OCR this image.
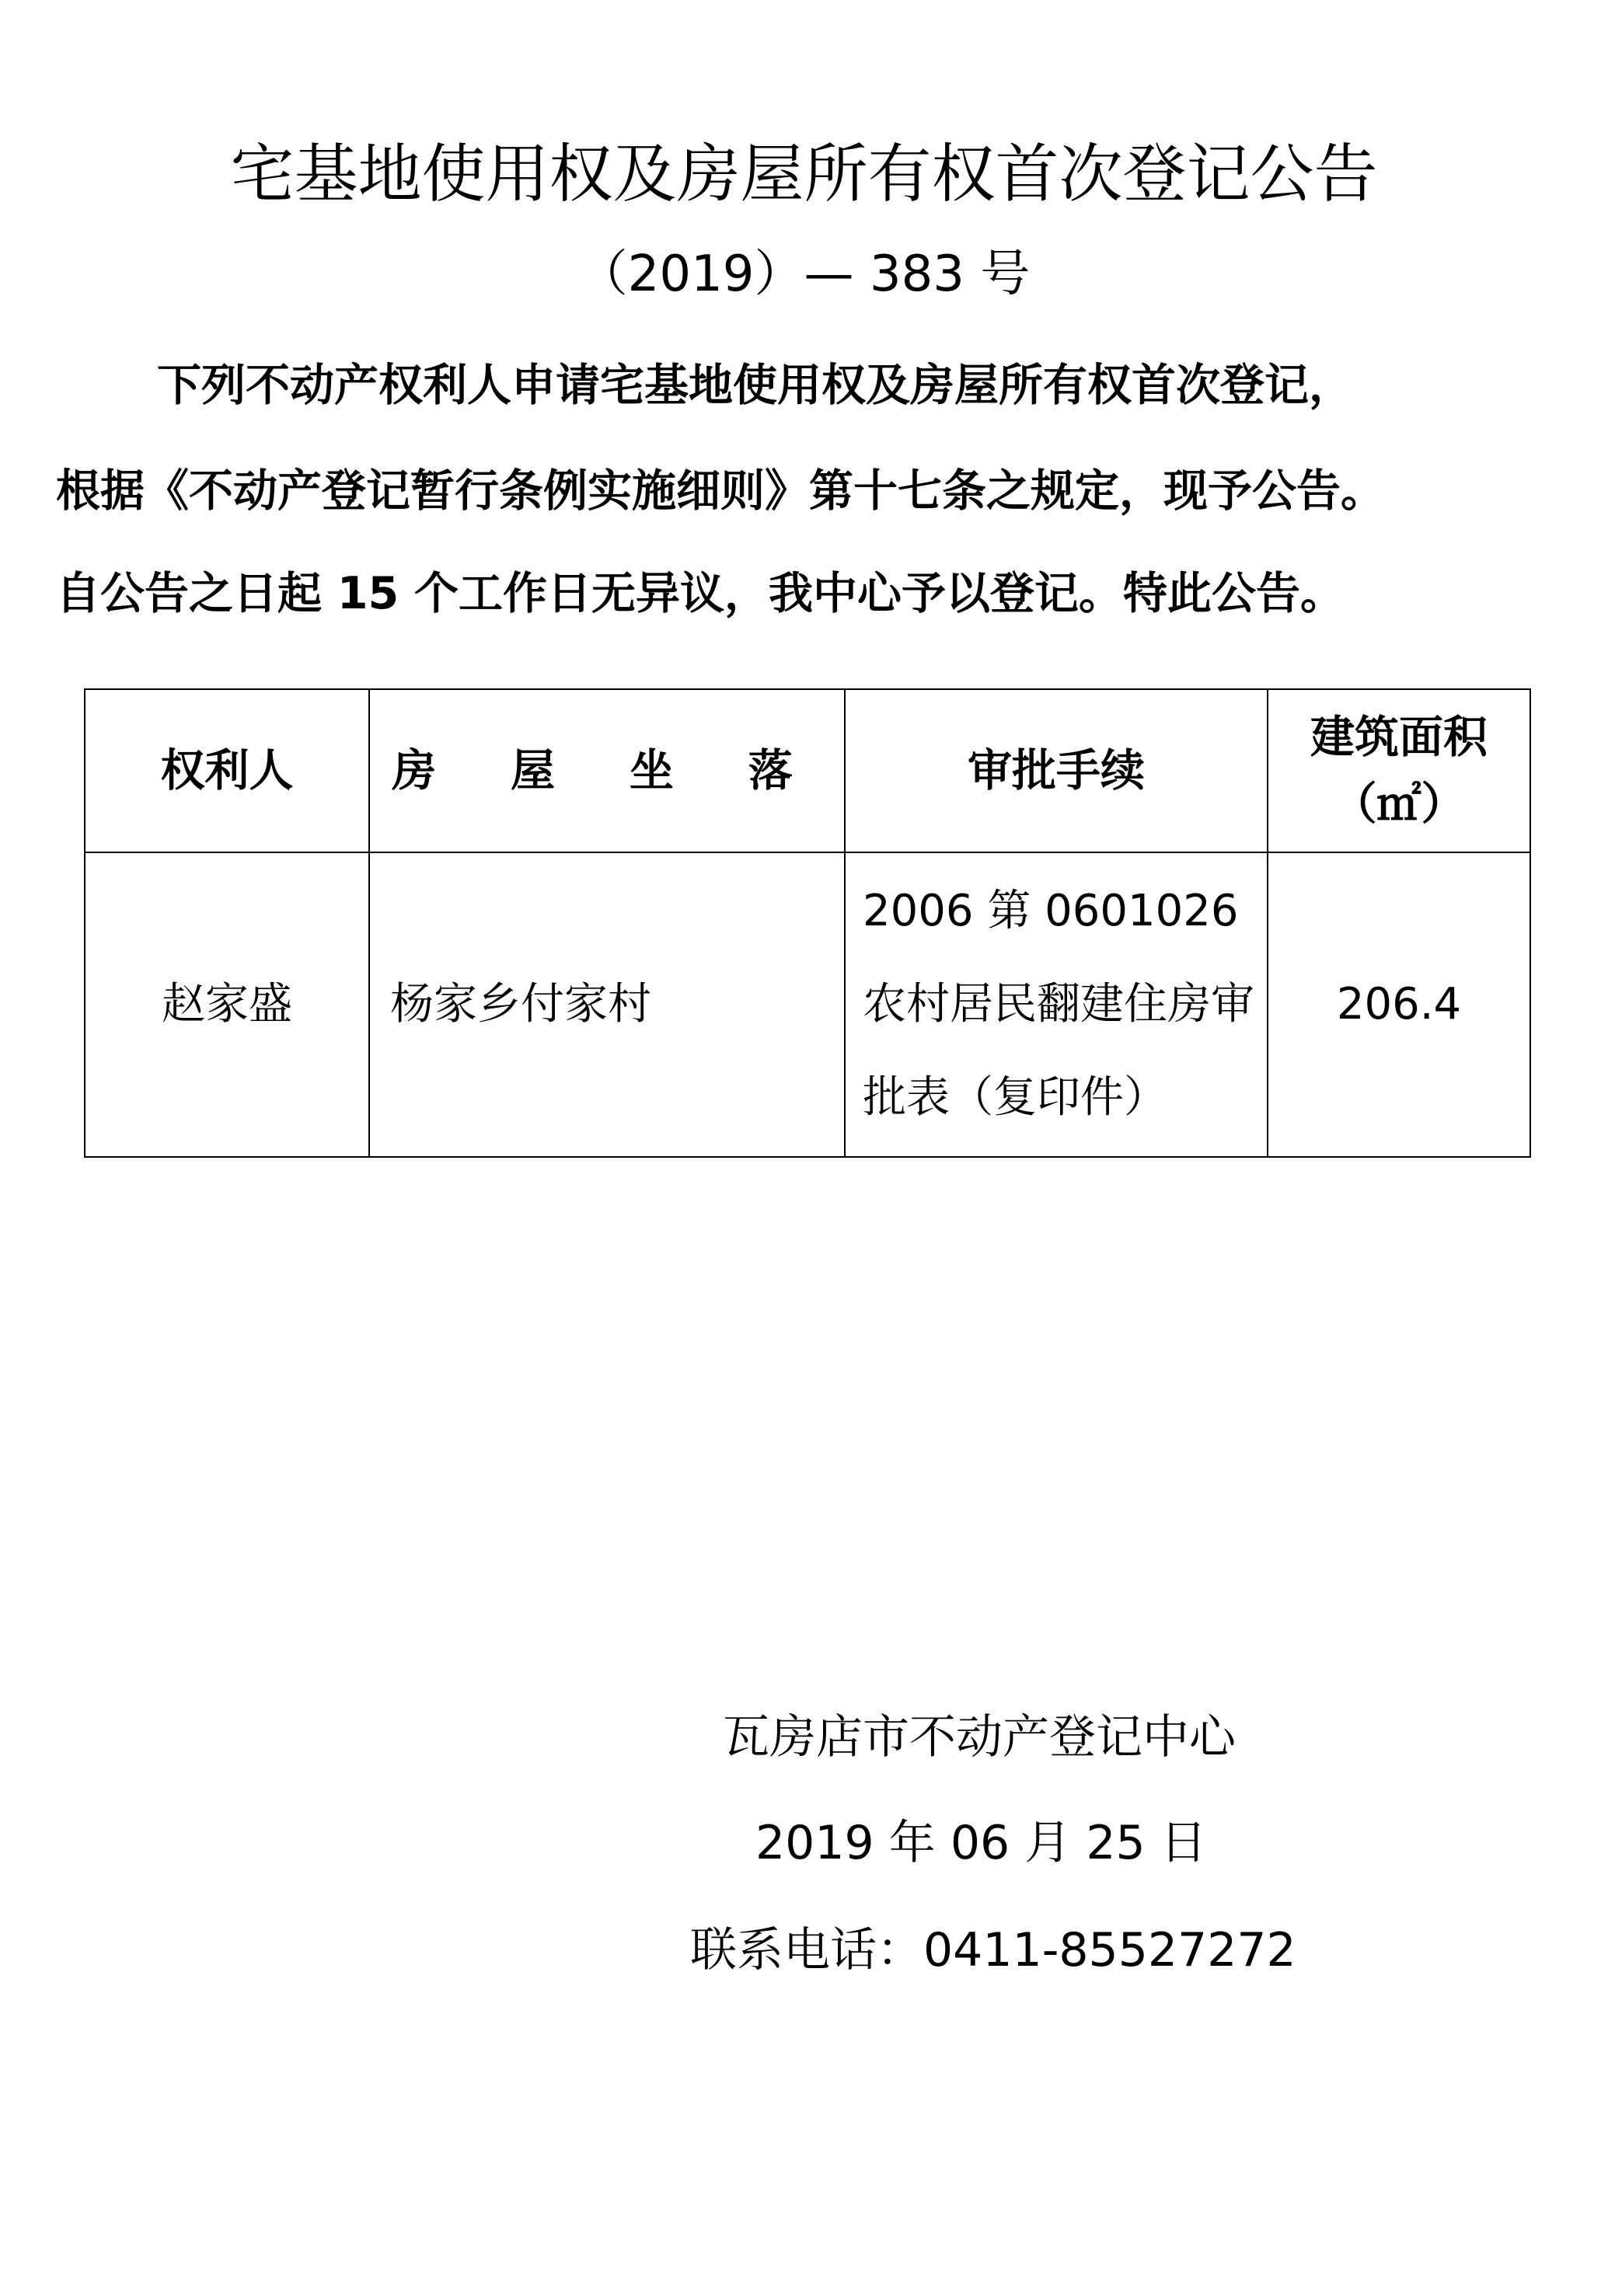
宅基地使用权及房屋所有权首次登记公告

（2019）— 383 号

下列不动产权利人申请宅基地使用权及房屋所有权首次登记，

根据《不动产登记暂行条例实施细则》第十七条之规定，现予公告。

自公告之日起 15 个工作日无异议，我中心予以登记。特此公告。

权利人	房 屋 坐 落	审批手续	建筑面积（㎡）
赵家盛	杨家乡付家村	2006 第 0601026 农村居民翻建住房审批表（复印件）	206.4

瓦房店市不动产登记中心

2019 年 06 月 25 日

联系电话：0411-85527272
